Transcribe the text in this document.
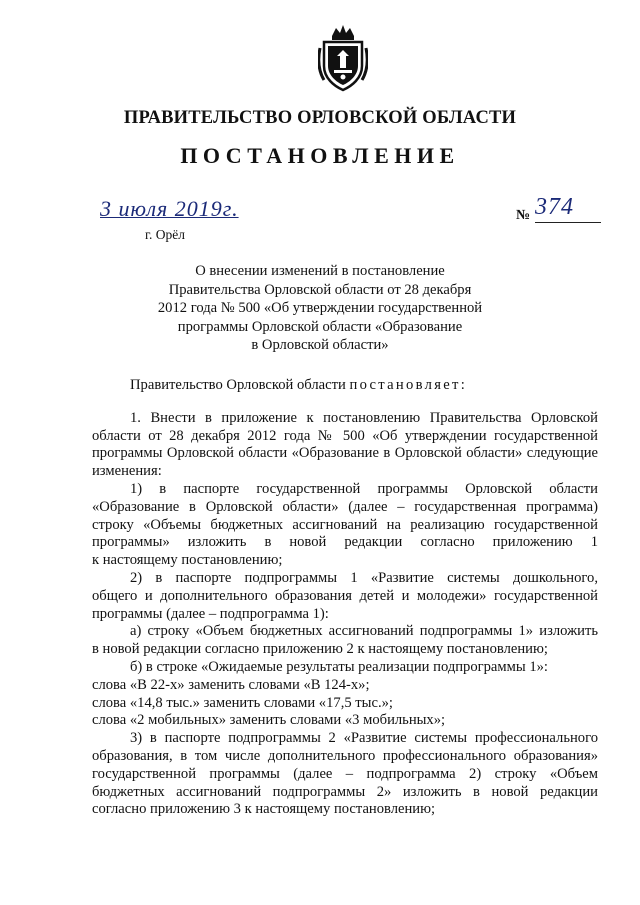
ПРАВИТЕЛЬСТВО ОРЛОВСКОЙ ОБЛАСТИ
ПОСТАНОВЛЕНИЕ
3 июля 2019г.
г. Орёл
№ 374
О внесении изменений в постановление
Правительства Орловской области от 28 декабря
2012 года № 500 «Об утверждении государственной
программы Орловской области «Образование
в Орловской области»
Правительство Орловской области постановляет:
1. Внести в приложение к постановлению Правительства Орловской
области от 28 декабря 2012 года № 500 «Об утверждении государственной
программы Орловской области «Образование в Орловской области» следующие
изменения:
1) в паспорте государственной программы Орловской области
«Образование в Орловской области» (далее – государственная программа)
строку «Объемы бюджетных ассигнований на реализацию государственной
программы» изложить в новой редакции согласно приложению 1
к настоящему постановлению;
2) в паспорте подпрограммы 1 «Развитие системы дошкольного,
общего и дополнительного образования детей и молодежи» государственной
программы (далее – подпрограмма 1):
а) строку «Объем бюджетных ассигнований подпрограммы 1» изложить
в новой редакции согласно приложению 2 к настоящему постановлению;
б) в строке «Ожидаемые результаты реализации подпрограммы 1»:
слова «В 22-х» заменить словами «В 124-х»;
слова «14,8 тыс.» заменить словами «17,5 тыс.»;
слова «2 мобильных» заменить словами «3 мобильных»;
3) в паспорте подпрограммы 2 «Развитие системы профессионального
образования, в том числе дополнительного профессионального образования»
государственной программы (далее – подпрограмма 2) строку «Объем
бюджетных ассигнований подпрограммы 2» изложить в новой редакции
согласно приложению 3 к настоящему постановлению;
